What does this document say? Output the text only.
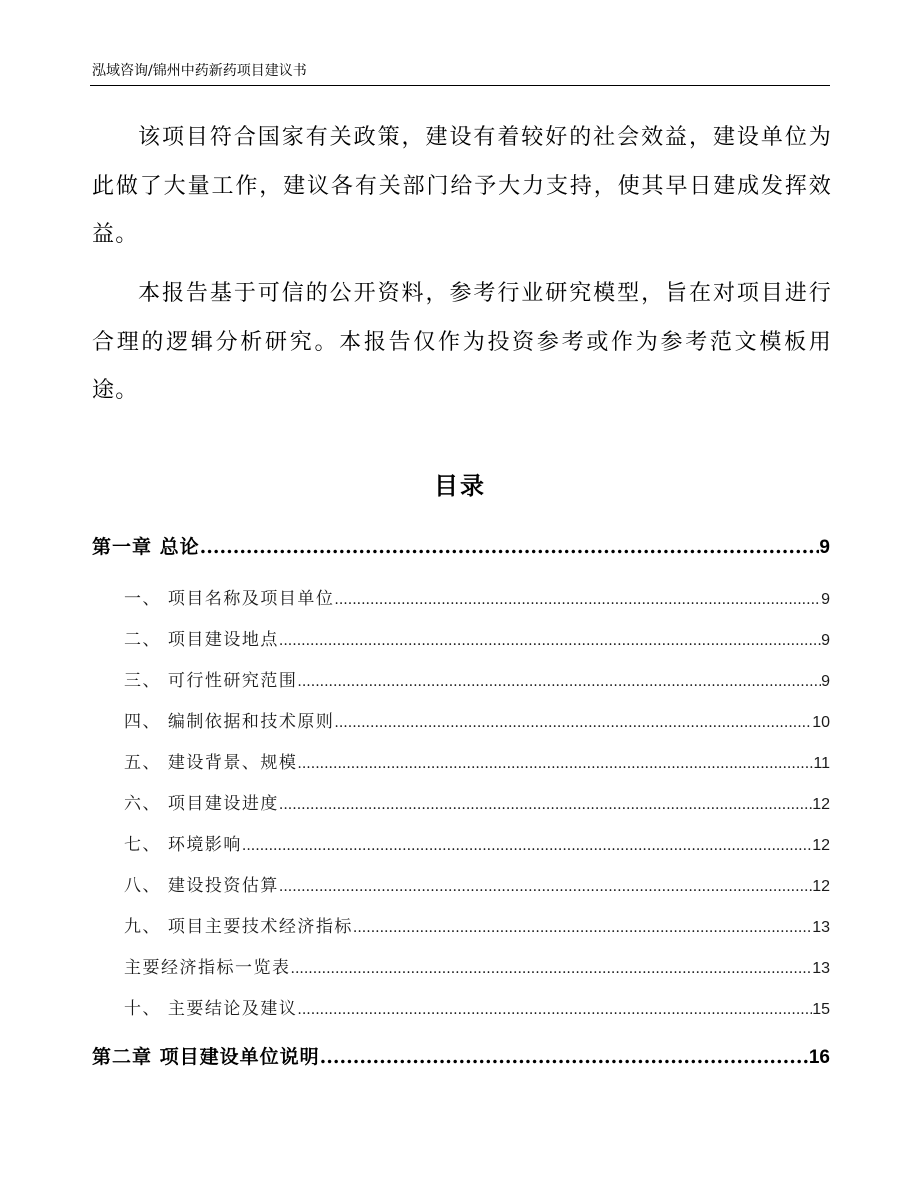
泓域咨询/锦州中药新药项目建议书

该项目符合国家有关政策，建设有着较好的社会效益，建设单位为此做了大量工作，建议各有关部门给予大力支持，使其早日建成发挥效益。

本报告基于可信的公开资料，参考行业研究模型，旨在对项目进行合理的逻辑分析研究。本报告仅作为投资参考或作为参考范文模板用途。

目录
第一章 总论 .....	9
一、 项目名称及项目单位 .....	9
二、 项目建设地点 .....	9
三、 可行性研究范围 .....	9
四、 编制依据和技术原则 .....	10
五、 建设背景、规模 .....	11
六、 项目建设进度 .....	12
七、 环境影响 .....	12
八、 建设投资估算 .....	12
九、 项目主要技术经济指标 .....	13
主要经济指标一览表 .....	13
十、 主要结论及建议 .....	15
第二章 项目建设单位说明 .....	16
